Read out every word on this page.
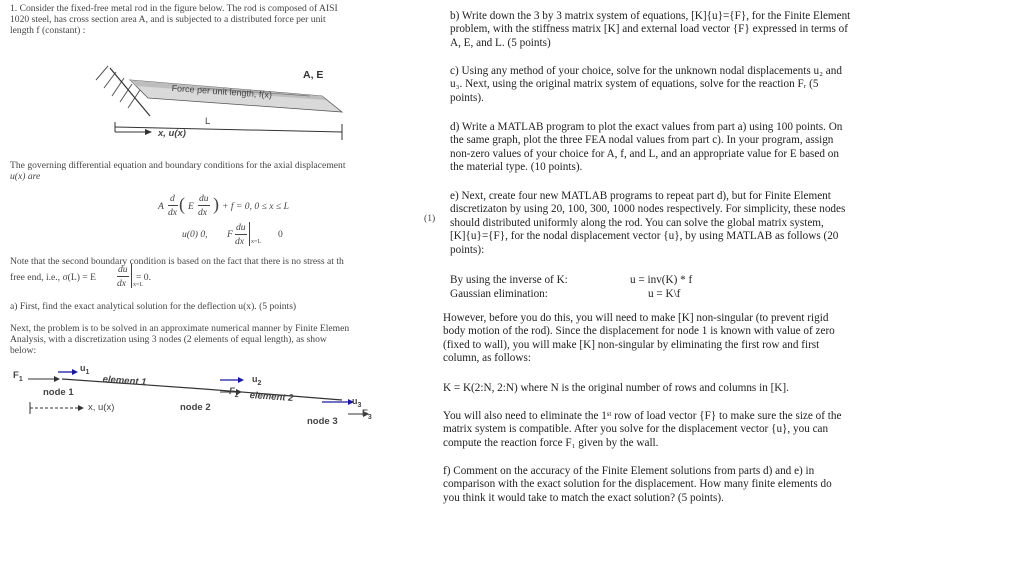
1. Consider the fixed-free metal rod in the figure below. The rod is composed of AISI
1020 steel, has cross section area A, and is subjected to a distributed force per unit
length f (constant) :
A, E
Force per unit length, f(x)
L
x, u(x)
The governing differential equation and boundary conditions for the axial displacement
u(x) are
A
d
dx ( E
du
dx ) + f = 0, 0 ≤ x ≤ L
u(0) 0, F
du
dx x=L
0
(1)
Note that the second boundary condition is based on the fact that there is no stress at th
free end, i.e., σ(L) = E
du
dx x=L
= 0.
a) First, find the exact analytical solution for the deflection u(x). (5 points)
Next, the problem is to be solved in an approximate numerical manner by Finite Elemen
Analysis, with a discretization using 3 nodes (2 elements of equal length), as show
below:
$F_1$
$u_1$
element 1
node 1
$u_2$
$F_2$ element 2
node 2
$u_3$
$F_3$
node 3
x, u(x)
b) Write down the 3 by 3 matrix system of equations, [K]{u}={F}, for the Finite Element
problem, with the stiffness matrix [K] and external load vector {F} expressed in terms of
A, E, and L. (5 points)
c) Using any method of your choice, solve for the unknown nodal displacements u₂ and
u₃. Next, using the original matrix system of equations, solve for the reaction Fᵣ (5
points).
d) Write a MATLAB program to plot the exact values from part a) using 100 points. On
the same graph, plot the three FEA nodal values from part c). In your program, assign
non-zero values of your choice for A, f, and L, and an appropriate value for E based on
the material type. (10 points).
e) Next, create four new MATLAB programs to repeat part d), but for Finite Element
discretizaton by using 20, 100, 300, 1000 nodes respectively. For simplicity, these nodes
should distributed uniformly along the rod. You can solve the global matrix system,
[K]{u}={F}, for the nodal displacement vector {u}, by using MATLAB as follows (20
points):
By using the inverse of K:	u = inv(K) * f
Gaussian elimination:	u = K\f
However, before you do this, you will need to make [K] non-singular (to prevent rigid
body motion of the rod). Since the displacement for node 1 is known with value of zero
(fixed to wall), you will make [K] non-singular by eliminating the first row and first
column, as follows:
K = K(2:N, 2:N) where N is the original number of rows and columns in [K].
You will also need to eliminate the 1ˢᵗ row of load vector {F} to make sure the size of the
matrix system is compatible. After you solve for the displacement vector {u}, you can
compute the reaction force F₁ given by the wall.
f) Comment on the accuracy of the Finite Element solutions from parts d) and e) in
comparison with the exact solution for the displacement. How many finite elements do
you think it would take to match the exact solution? (5 points).
